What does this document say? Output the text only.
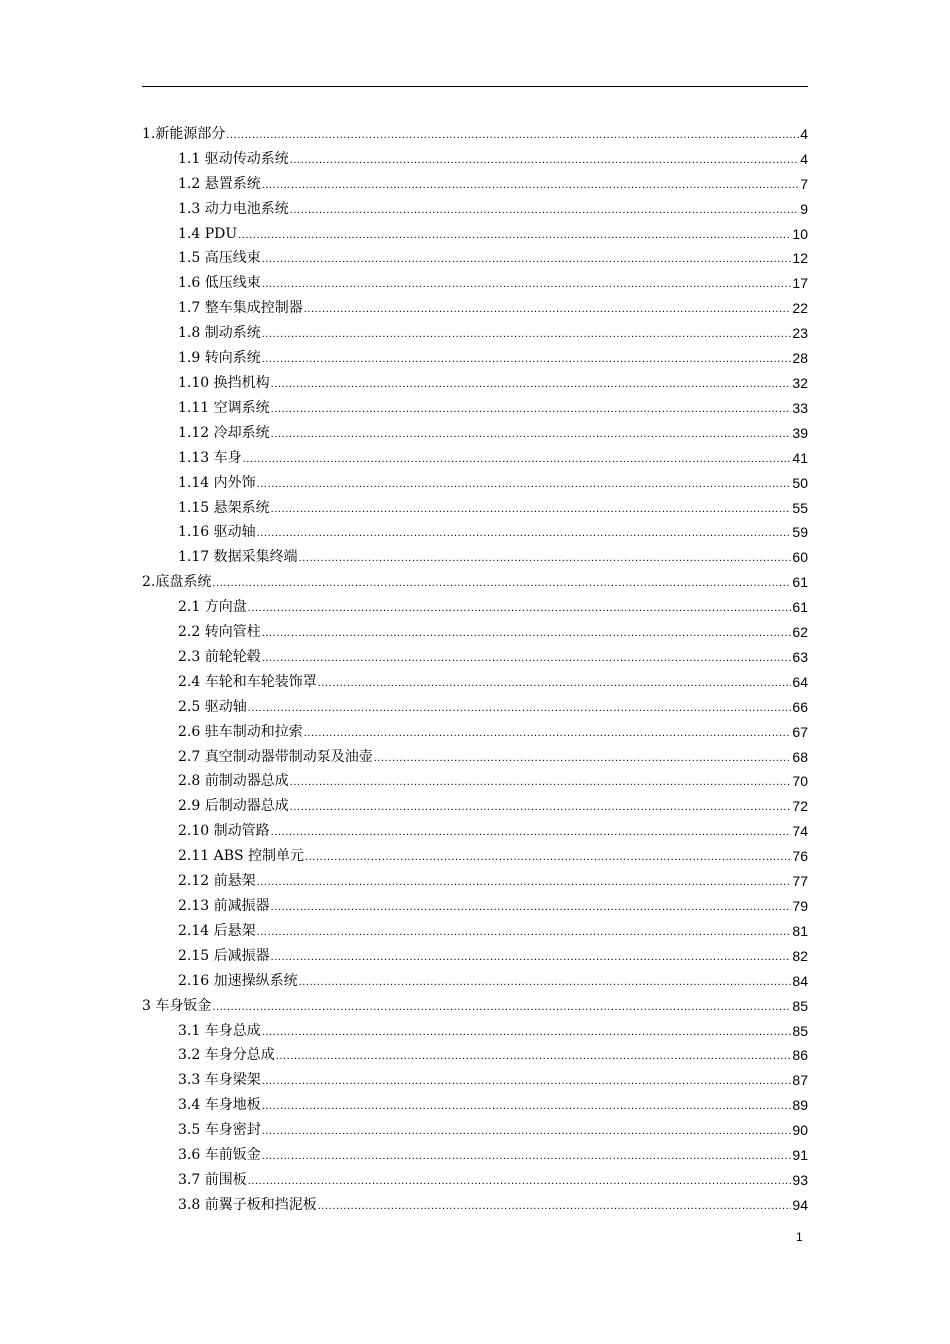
1.新能源部分 .....	4
1.1 驱动传动系统 .....	4
1.2 悬置系统 .....	7
1.3 动力电池系统 .....	9
1.4 PDU .....	10
1.5 高压线束 .....	12
1.6 低压线束 .....	17
1.7 整车集成控制器 .....	22
1.8 制动系统 .....	23
1.9 转向系统 .....	28
1.10 换挡机构 .....	32
1.11 空调系统 .....	33
1.12 冷却系统 .....	39
1.13 车身 .....	41
1.14 内外饰 .....	50
1.15 悬架系统 .....	55
1.16 驱动轴 .....	59
1.17 数据采集终端 .....	60
2.底盘系统 .....	61
2.1 方向盘 .....	61
2.2 转向管柱 .....	62
2.3 前轮轮毂 .....	63
2.4 车轮和车轮装饰罩 .....	64
2.5 驱动轴 .....	66
2.6 驻车制动和拉索 .....	67
2.7 真空制动器带制动泵及油壶 .....	68
2.8 前制动器总成 .....	70
2.9 后制动器总成 .....	72
2.10 制动管路 .....	74
2.11 ABS 控制单元 .....	76
2.12 前悬架 .....	77
2.13 前减振器 .....	79
2.14 后悬架 .....	81
2.15 后减振器 .....	82
2.16 加速操纵系统 .....	84
3 车身钣金 .....	85
3.1 车身总成 .....	85
3.2 车身分总成 .....	86
3.3 车身梁架 .....	87
3.4 车身地板 .....	89
3.5 车身密封 .....	90
3.6 车前钣金 .....	91
3.7 前围板 .....	93
3.8 前翼子板和挡泥板 .....	94
1
